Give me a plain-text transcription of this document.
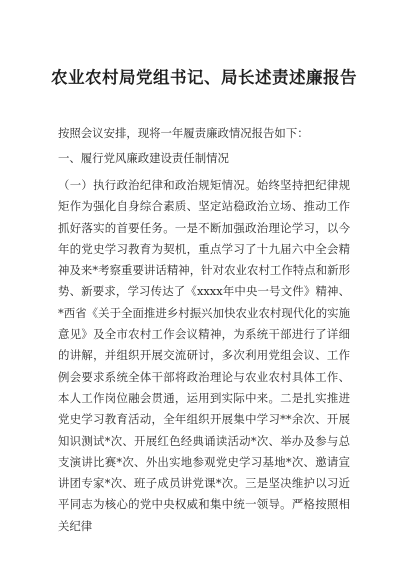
农业农村局党组书记、局长述责述廉报告
按照会议安排，现将一年履责廉政情况报告如下：
一、履行党风廉政建设责任制情况
（一）执行政治纪律和政治规矩情况。始终坚持把纪律规矩作为强化自身综合素质、坚定站稳政治立场、推动工作抓好落实的首要任务。一是不断加强政治理论学习，以今年的党史学习教育为契机，重点学习了十九届六中全会精神及来*考察重要讲话精神，针对农业农村工作特点和新形势、新要求，学习传达了《xxxx年中央一号文件》精神、*西省《关于全面推进乡村振兴加快农业农村现代化的实施意见》及全市农村工作会议精神，为系统干部进行了详细的讲解，并组织开展交流研讨，多次利用党组会议、工作例会要求系统全体干部将政治理论与农业农村具体工作、本人工作岗位融会贯通，运用到实际中来。二是扎实推进党史学习教育活动，全年组织开展集中学习**余次、开展知识测试*次、开展红色经典诵读活动*次、举办及参与总支演讲比赛*次、外出实地参观党史学习基地*次、邀请宣讲团专家*次、班子成员讲党课*次。三是坚决维护以习近平同志为核心的党中央权威和集中统一领导。严格按照相关纪律
